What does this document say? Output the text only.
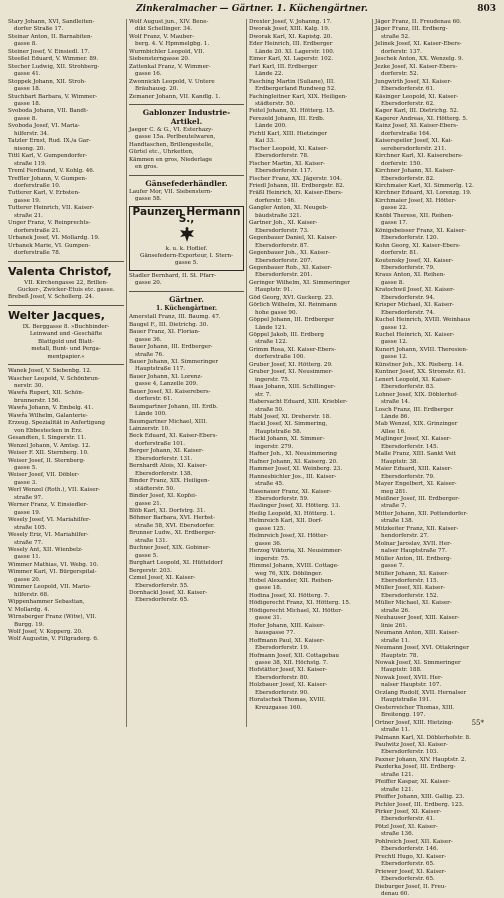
Zinkeralmacher — Gärtner. 1. Küchengärtner.	803
Stary Johann, XVI, Sandleiten-
dorfer Straße 17.
Steinar Anton, II. Barnabiten-
gasse 8.
Steiner Josef, V. Einsiedl. 17.
Steeßel Eduard, V. Wimmer. 89.
Stecher Ludwig, XII. Strohberg-
gasse 41.
Stoppek Johann, XII. Stroh-
gasse 18.
Stuchbart Barbara, V. Wimmer-
gasse 18.
Svoboda Johann, VII. Bandt-
gasse 8.
Svoboda Josef, VI. Maria-
hilferstr. 34.
Tatzler Ernst, Rud. IX./a Gar-
nisong. 20.
Tittl Karl, V. Gumpendorfer-
straße 119.
Treml Ferdinand, V. Kohlg. 46.
Treffler Johann, V. Gumpen-
dorferstraße 10.
Tutterer Karl, V. Erbsten-
gasse 19.
Tutterer Heinrich, VII. Kaiser-
straße 21.
Unger Franz, V. Reinprechts-
dorferstraße 21.
Urbanek Josef, VI. Mollardg. 19.
Urbanek Marie, VI. Gumpen-
dorferstraße 78.
Valenta Christof,
VII. Kirchengasse 22, Brillen-
Gucker-, Zwicker-Etuis etc. gasse.
Brebeß Josef, V. Schollerg. 24.
Welter Jacques,
IX. Berggasse 8. »Buchbinder-
Leinwand und -Geschäfte
Blattgold und Blatt-
metall, Bunt- und Perga-
mentpapier.«
Wanek Josef, V. Siebenbg. 12.
Wascher Leopold, V. Schönbrun-
nerstr. 30.
Wawřa Rupert, XII. Schön-
brunnerstr. 156.
Wawřa Johann, V. Embelg. 41.
Wawřa Wilhelm, Galanterie-
Erzeug. Spezialität in Anfertigung
von Ebbestecken in Erz.
Gesandten, I. Singerstr. 11.
Wenzel Johann, V. Amtsg. 12.
Weiser F. XII. Sternberg. 10.
Weiser Josef, II. Sternberg-
gasse 5.
Weiser Josef, VII. Döbler-
gasse 3.
Werl Wenzel (Roth.), VII. Kaiser-
straße 97.
Werner Franz, V. Einsiedler-
gasse 19.
Wesely Josef, VI. Mariahilfer-
straße 105.
Wesely Eriz, VI. Mariahilfer-
straße 77.
Wesely Ant, XII. Wienbelz-
gasse 11.
Wimmer Mathias, VI. Webg. 10.
Wimmer Karl, VI. Bürgerspital-
gasse 20.
Wimmer Leopold, VII. Mario-
hilferstr. 68.
Wippenhammer Sebastian,
V. Mollardg. 4.
Wirnsberger Franz (Witw), VII.
Burgg. 19.
Wolf Josef, V. Kopperg. 20.
Wolf Augustin, V. Fillgraderg. 6.
Wolf August jun., XIV. Bene-
dikt Schellinger. 34.
Wolf Franz, V. Mauber-
berg. 4. V. Hpmmelgbg. 1.
Wurmbichler Leopold, VII.
Siebensterngasse 20.
Zattenkal Franz, V. Wimmer-
gasse 16.
Zwonnickh Leopold, V. Untere
Bräuhausg. 20.
Zemaner Johann, VII. Kandlg. 1.
Gablonzer Industrie-Artikel.
Jaeger C. & G., VI. Esterhazy-
gasse 15a. Perlbeutelwaren,
Handtaschen, Brillengestelle,
Gürtel etc., Uhrketten,
Kämmen en gros, Niederlage
en gros.
Gänsefederhändler.
Laufer Mor, VII. Siebenstern-
gasse 58.
Paunzen Hermann S.,
k. u. k. Hoflief.
Gänsefedern-Exporteur, I. Stern-
gasse 5.
Stadler Bernhard, II. St. Pfarr-
gasse 20.
Gärtner.
1. Küchengärtner.
Amerstall Franz, III. Baumg. 47.
Baugel F., III. Dietrichg. 30.
Bauer Franz, XI. Florian-
gasse 36.
Bauer Johann, III. Erdberger-
straße 76.
Bauer Johann, XI. Simmeringer
Hauptstraße 117.
Bauer Johann, XI. Lorenz-
gasse 4, Lanzelle 209.
Bauer Josef, XI. Kaiserebers-
dorferstr. 61.
Baumgartner Johann, III. Erdb.
Lände 100.
Baumgartner Michael, XIII.
Lainzerstr. 10.
Beck Eduard, XI. Kaiser-Ebers-
dorferstraße 101.
Berger Johann, XI. Kaiser-
Ebersdorferstr. 131.
Bernhardt Alois, XI. Kaiser-
Ebersdorferstr. 138.
Binder Franz, XIX. Heiligen-
städterstr. 50.
Binder Josef, XI. Kopfei-
gasse 21.
Blöb Karl, XI. Dorfstrg. 31.
Böhmer Barbara, XVI. Herbst-
straße 58, XVI. Ebersdorfer.
Brunner Ludw., XI. Erdberger-
straße 131.
Buchner Josef, XIX. Gobiner-
gasse 5.
Burghart Leopold, XI. Hütteldorf
Bergerstr. 203.
Czmel Josef, XI. Kaiser-
Ebersdorferstr. 55.
Dornhackl Josef, XI. Kaiser-
Ebersdorferstr. 65.
Drexler Josef, V. Johanng. 17.
Dworak Josef, XIII. Kalg. 19.
Dworak Karl, XI. Kapistg. 20.
Eder Heinrich, III. Erdberger
Lände 20. XI. Lagerstr. 100.
Eimer Karl, XI. Lagerstr. 102.
Farl Karl, III. Erdberger
Lände 22.
Fasching Martin (Suliane), III.
Erdbergerland Rundweg 52.
Fachingleitner Karl, XIX. Heiligen-
städterstr. 50.
Feitel Johann, XI. Hötterg. 15.
Ferezeld Johann, III. Erdb.
Lände 200.
Fichtl Karl, XIII. Hietzinger
Kai 33.
Fischer Leopold, XI. Kaiser-
Ebersdorferstr. 78.
Fischer Martin, XI. Kaiser-
Ebersdorferstr. 117.
Fischer Franz, XX. Jägerstr. 104.
Friedl Johann, III. Erdbergstr. 82.
Fräßl Heinrich, XI. Kaiser-Ebers-
dorferstr. 146.
Gangler Anton, XI. Neugeb-
bäudstraße 321.
Gartner Joh., XI. Kaiser-
Ebersdorferstr. 73.
Gegenbauer Daniel, XI. Kaiser-
Ebersdorferstr. 87.
Gegenbauer Joh., XI. Kaiser-
Ebersdorferstr. 207.
Gegenbauer Rob., XI. Kaiser-
Ebersdorferstr. 201.
Geringer Wilhelm, XI. Simmeringer
Hauptstr. 91.
Göd Georg, XVI. Guckerg. 23.
Görlich Wilhelm, XI. Reinmann
hohe gasse 90.
Göppel Johann, III. Erdberger
Lände 121.
Göppel Jakob, III. Erdberg
straße 122.
Grimm Rosa, XI. Kaiser-Ebers-
dorferstraße 100.
Gruber Josef, XI. Hötterg. 29.
Gruber Josef, XI. Neusimmer-
ingerstr. 75.
Haas Johann, XIII. Schillinger-
str. 7.
Habersacht Eduard, XIII. Kriebler-
straße 50.
Habl Josef, XI. Dreherstr. 18.
Hackl Josef, XI. Simmering,
Hauptstraße 58.
Hackl Johann, XI. Simmer-
ingerstr. 279.
Hafner Joh., XI. Neusimmering
Hafner Johann, XI. Kaiserg. 20.
Hammer Josef, XI. Weinberg. 23.
Hannesbichler Jos., III. Kaiser-
straße 45.
Hasenauer Franz, XI. Kaiser-
Ebersdorferstr. 59.
Haslinger Josef, XI. Hötterg. 13.
Heilig Leopold, XI. Hötterg. 1.
Helmreich Karl, XII. Dorf-
gasse 125.
Helmreich Josef, XI. Hötter-
gasse 36.
Herzog Viktoria, XI. Neusimmer-
ingerstr. 75.
Himmel Johann, XVIII. Cottage-
weg 76, XIX. Döblinger.
Hobel Alexander, XII. Reihen-
gasse 18.
Hodina Josef, XI. Hötterg. 7.
Hödigerecht Franz, XI. Hötterg. 15.
Hödigerecht Michael, XI. Hötter-
gasse 31.
Hofer Johann, XIII. Kaiser-
hausgasse 77.
Hoffmann Paul, XI. Kaiser-
Ebersdorferstr. 19.
Hofmann Josef, XII. Cottagebau
gasse 38, XII. Höchstg. 7.
Hofstätter Josef, XI. Kaiser-
Ebersdorferstr. 80.
Holzbauer Josef, XI. Kaiser-
Ebersdorferstr. 90.
Horatschek Thomas, XVIII.
Kreuzgasse 160.
Jäger Franz, II. Freudenau 60.
Jäger Franz, III. Erdberg-
straße 52.
Jelinek Josef, XI. Kaiser-Ebers-
dorferstr. 137.
Jeschek Anton, XX. Wenzelg. 9.
Jezke Josef, XI. Kaiser-Ebers-
dorferstr. 52.
Jungwirth Josef, XI. Kaiser-
Ebersdorferstr. 61.
Käsinger Leopold, XI. Kaiser-
Ebersdorferstr. 62.
Kager Karl, III. Dietrichg. 52.
Kagerer Andreas, XI. Hötterg. 5.
Kainz Josef, XI. Kaiser-Ebers-
dorferstraße 164.
Kaiserspeiler Josef, XI. Kai-
serebersdorferstr. 211.
Kirchner Karl, XI. Kaiserebers-
dorferstr. 150.
Kirchner Johann, XI. Kaiser-
Ebersdorferstr. 82.
Kirchmaier Karl, XI. Simmerlg. 12.
Kirchner Eduard, XI. Lorenzg. 19.
Kirchmaier Josef, XI. Hötter-
gasse 22.
Knöbl Therese, XII. Reihen-
gasse 17.
Königsbeisser Franz, XI. Kaiser-
Ebersdorferstr. 120.
Kohn Georg, XI. Kaiser-Ebers-
dorferstr. 81.
Koutensky Josef, XI. Kaiser-
Ebersdorferstr. 79.
Kraus Anton, XI. Reihen-
gasse 8.
Kratochwil Josef, XI. Kaiser-
Ebersdorferstr. 94.
Krisper Michael, XI. Kaiser-
Ebersdorferstr. 74.
Kuchel Heinrich, XVIII. Weinhaus
gasse 12.
Kuchel Heinrich, XI. Kaiser-
gasse 12.
Kunert Johann, XVIII. Theresien-
gasse 12.
Künstner Joh., XX. Rieberg. 14.
Kuntner Josef, XX. Stromstr. 61.
Lenert Leopold, XI. Kaiser-
Ebersdorferstr. 83.
Lohner Josef, XIX. Döblerhof-
straße 14.
Losch Franz, III. Erdberger
Lände 86.
Mab Wenzel, XIX. Grinzinger
Allee 16.
Majlinger Josef, XI. Kaiser-
Ebersdorferstr. 145.
Malle Franz, XIII. Sankt Veit
Hauptstr. 38.
Maier Eduard, XIII. Kaiser-
Ebersdorferstr. 79.
Mayer Engelbert, XI. Kaiser-
meg 281.
Meißner Josef, III. Erdberger-
straße 7.
Mitter Johann, XII. Pottendorfer-
straße 138.
Mitzkeiter Franz, XII. Kaiser-
hendorferstr. 27.
Molnar Jaroslav, XVII. Her-
nalser Hauptstraße 77.
Müller Anton, III. Erdberg-
gasse 7.
Müller Johann, XI. Kaiser-
Ebersdorferstr. 115.
Müller Josef, XII. Kaiser-
Ebersdorferstr. 152.
Müller Michael, XI. Kaiser-
straße 26.
Neuhauser Josef, XIII. Kaiser-
linie 261.
Neumann Anton, XIII. Kaiser-
straße 11.
Neumann Josef, XVI. Ottakringer
Hauptstr. 78.
Nowak Josef, XI. Simmeringer
Hauptstr. 188.
Nowak Josef, XVII. Her-
nalser Hauptstr. 107.
Oczlang Rudolf, XVII. Hernalser
Hauptstraße 191.
Oesterreicher Thomas, XIII.
Breitengg. 197.
Ortner Josef, XIII. Hietzing-
straße 11.
Palmann Karl, XI. Döblerhofstr. 8.
Paulwitz Josef, XI. Kaiser-
Ebersdorferstr. 103.
Paxner Johann, XIV. Hauptstr. 2.
Pazderka Josef, III. Erdberg-
straße 121.
Pfeiffer Kaspar, XI. Kaiser-
straße 121.
Pfeiffer Johann, XIII. Gallig. 23.
Pichler Josef, III. Erdberg. 123.
Pirker Josef, XI. Kaiser-
Ebersdorferstr. 41.
Pötzl Josef, XI. Kaiser-
straße 136.
Pohlreich Josef, XII. Kaiser-
Ebersdorferstr. 146.
Prechtl Hugo, XI. Kaiser-
Ebersdorferstr. 65.
Priewer Josef, XI. Kaiser-
Ebersdorferstr. 65.
Dieburger Josef, II. Freu-
denau 60.
55*
